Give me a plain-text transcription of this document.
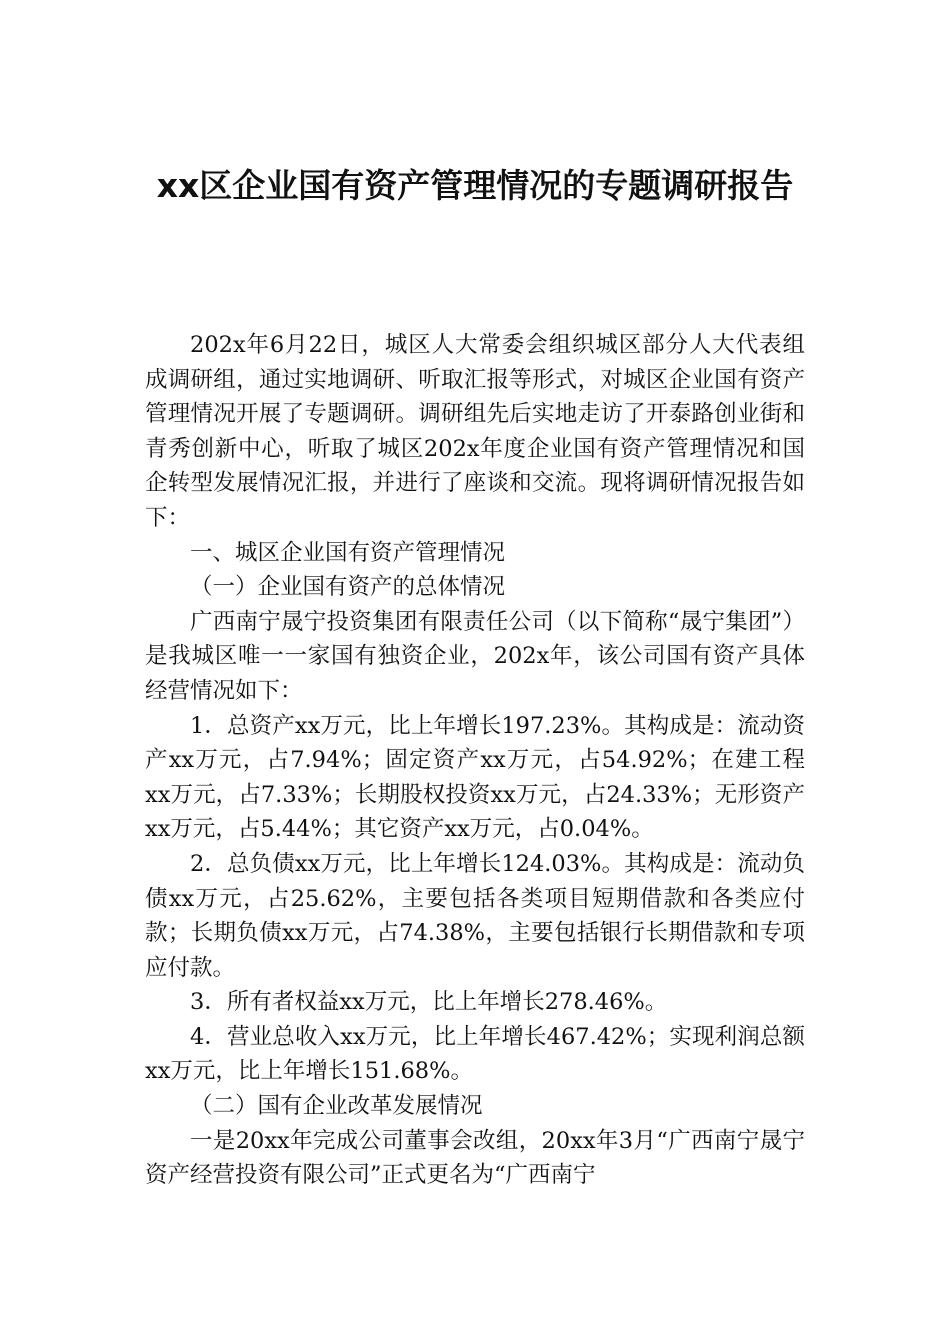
xx区企业国有资产管理情况的专题调研报告

202x年6月22日，城区人大常委会组织城区部分人大代表组成调研组，通过实地调研、听取汇报等形式，对城区企业国有资产管理情况开展了专题调研。调研组先后实地走访了开泰路创业街和青秀创新中心，听取了城区202x年度企业国有资产管理情况和国企转型发展情况汇报，并进行了座谈和交流。现将调研情况报告如下：

一、城区企业国有资产管理情况

（一）企业国有资产的总体情况

广西南宁晟宁投资集团有限责任公司（以下简称“晟宁集团”）是我城区唯一一家国有独资企业，202x年，该公司国有资产具体经营情况如下：

1．总资产xx万元，比上年增长197.23%。其构成是：流动资产xx万元，占7.94%；固定资产xx万元，占54.92%；在建工程xx万元，占7.33%；长期股权投资xx万元，占24.33%；无形资产xx万元，占5.44%；其它资产xx万元，占0.04%。

2．总负债xx万元，比上年增长124.03%。其构成是：流动负债xx万元，占25.62%，主要包括各类项目短期借款和各类应付款；长期负债xx万元，占74.38%，主要包括银行长期借款和专项应付款。

3．所有者权益xx万元，比上年增长278.46%。

4．营业总收入xx万元，比上年增长467.42%；实现利润总额xx万元，比上年增长151.68%。

（二）国有企业改革发展情况

一是20xx年完成公司董事会改组，20xx年3月“广西南宁晟宁资产经营投资有限公司”正式更名为“广西南宁
